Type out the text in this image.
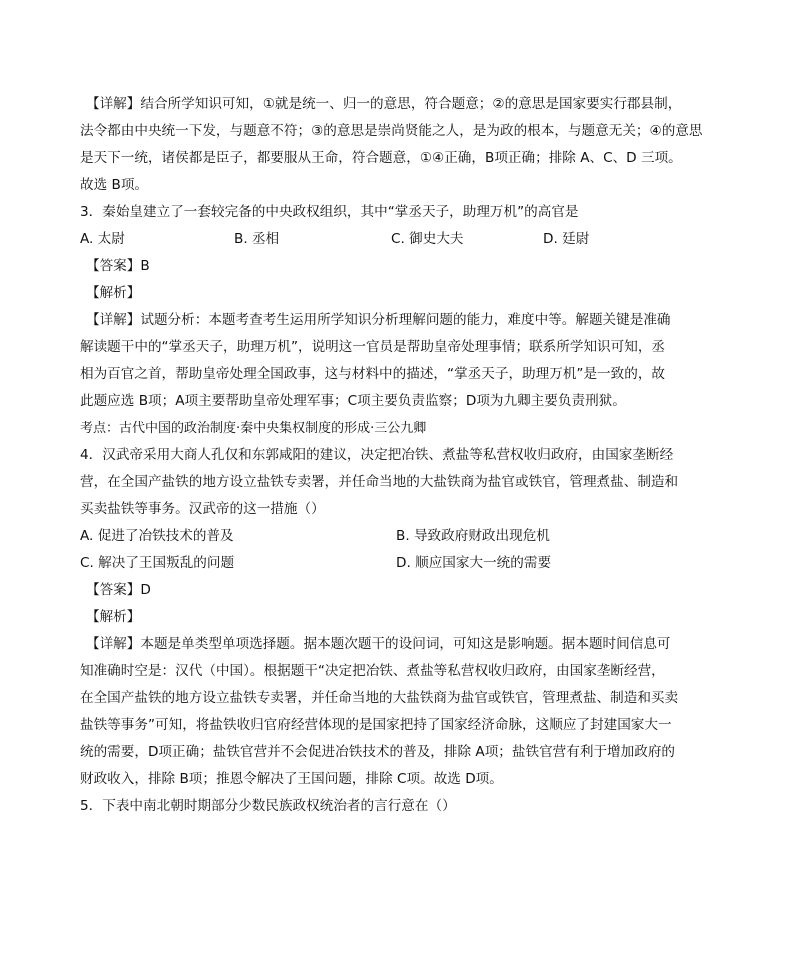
【详解】结合所学知识可知，①就是统一、归一的意思，符合题意；②的意思是国家要实行郡县制，
法令都由中央统一下发，与题意不符；③的意思是崇尚贤能之人，是为政的根本，与题意无关；④的意思
是天下一统，诸侯都是臣子，都要服从王命，符合题意，①④正确，B项正确；排除 A、C、D 三项。
故选 B项。
3．秦始皇建立了一套较完备的中央政权组织，其中“掌丞天子，助理万机”的高官是
A. 太尉	B. 丞相	C. 御史大夫	D. 廷尉
【答案】B
【解析】
【详解】试题分析：本题考查考生运用所学知识分析理解问题的能力，难度中等。解题关键是准确
解读题干中的“掌丞天子，助理万机”，说明这一官员是帮助皇帝处理事情；联系所学知识可知，丞
相为百官之首，帮助皇帝处理全国政事，这与材料中的描述，“掌丞天子，助理万机”是一致的，故
此题应选 B项；A项主要帮助皇帝处理军事；C项主要负责监察；D项为九卿主要负责刑狱。
考点：古代中国的政治制度·秦中央集权制度的形成·三公九卿
4．汉武帝采用大商人孔仅和东郭咸阳的建议，决定把冶铁、煮盐等私营权收归政府，由国家垄断经
营，在全国产盐铁的地方设立盐铁专卖署，并任命当地的大盐铁商为盐官或铁官，管理煮盐、制造和
买卖盐铁等事务。汉武帝的这一措施（）
A. 促进了冶铁技术的普及	B. 导致政府财政出现危机
C. 解决了王国叛乱的问题	D. 顺应国家大一统的需要
【答案】D
【解析】
【详解】本题是单类型单项选择题。据本题次题干的设问词，可知这是影响题。据本题时间信息可
知准确时空是：汉代（中国）。根据题干“决定把冶铁、煮盐等私营权收归政府，由国家垄断经营，
在全国产盐铁的地方设立盐铁专卖署，并任命当地的大盐铁商为盐官或铁官，管理煮盐、制造和买卖
盐铁等事务”可知，将盐铁收归官府经营体现的是国家把持了国家经济命脉，这顺应了封建国家大一
统的需要，D项正确；盐铁官营并不会促进冶铁技术的普及，排除 A项；盐铁官营有利于增加政府的
财政收入，排除 B项；推恩令解决了王国问题，排除 C项。故选 D项。
5．下表中南北朝时期部分少数民族政权统治者的言行意在（）
